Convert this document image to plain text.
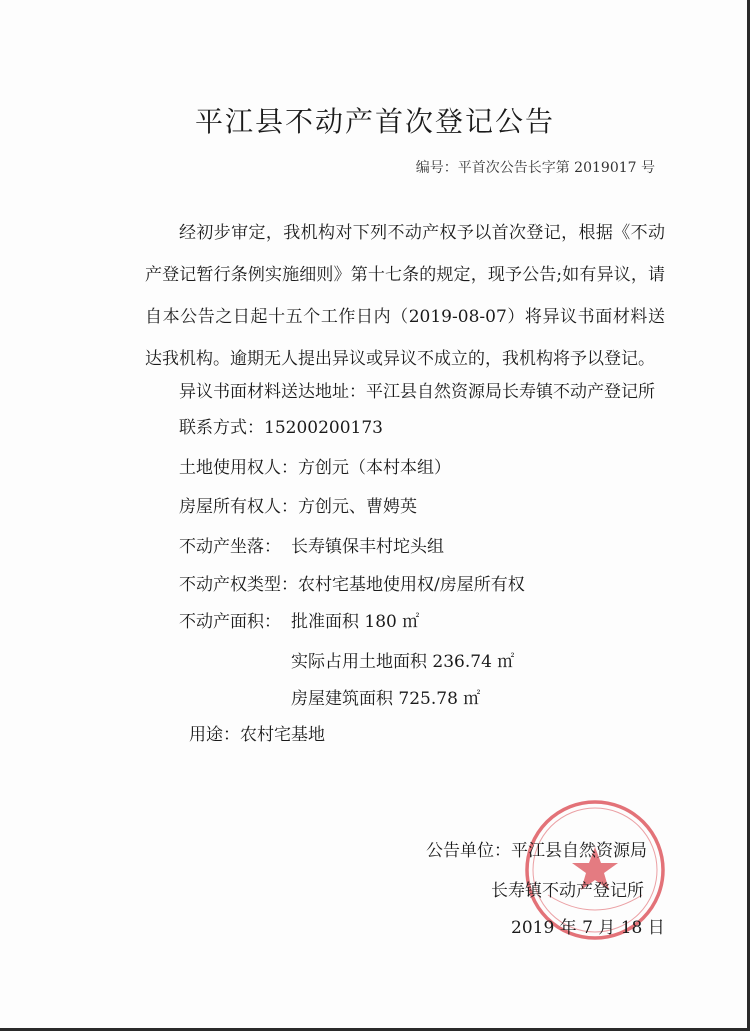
平江县不动产首次登记公告
编号：平首次公告长字第 2019017 号
经初步审定，我机构对下列不动产权予以首次登记，根据《不动产登记暂行条例实施细则》第十七条的规定，现予公告;如有异议，请自本公告之日起十五个工作日内（2019-08-07）将异议书面材料送达我机构。逾期无人提出异议或异议不成立的，我机构将予以登记。
异议书面材料送达地址：平江县自然资源局长寿镇不动产登记所
联系方式：15200200173
土地使用权人：方创元（本村本组）
房屋所有权人：方创元、曹娉英
不动产坐落： 长寿镇保丰村坨头组
不动产权类型：农村宅基地使用权/房屋所有权
不动产面积： 批准面积 180 ㎡
实际占用土地面积 236.74 ㎡
房屋建筑面积 725.78 ㎡
用途：农村宅基地
公告单位：平江县自然资源局
长寿镇不动产登记所
2019 年 7 月 18 日
